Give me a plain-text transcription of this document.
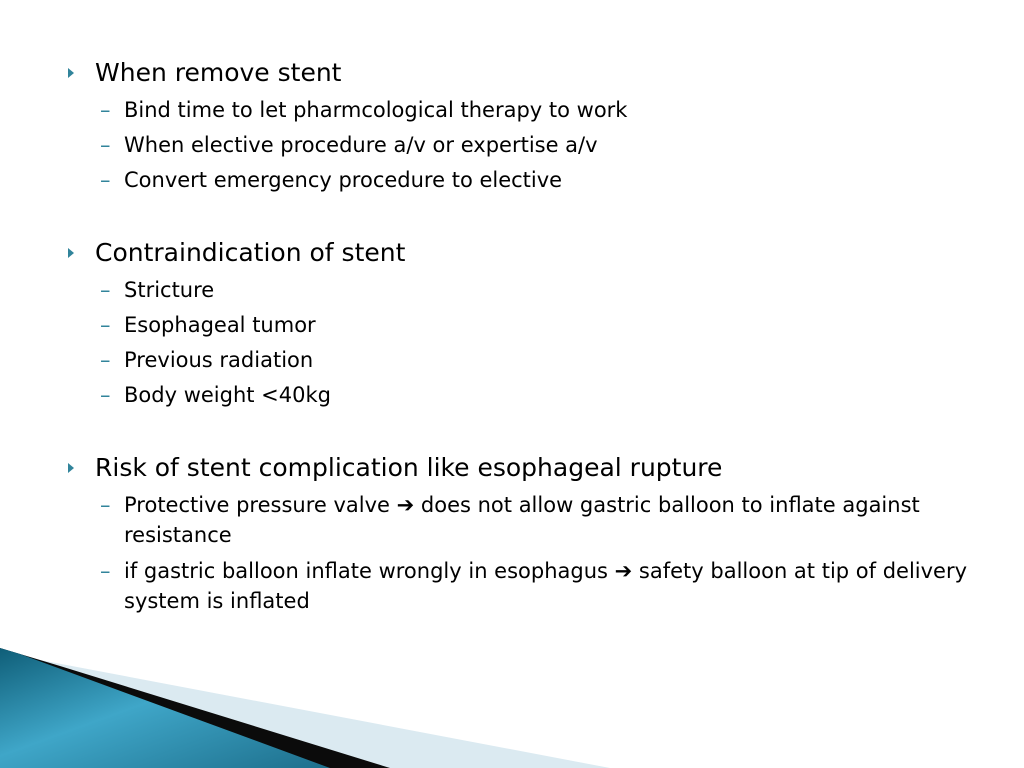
When remove stent
– Bind time to let pharmcological therapy to work
– When elective procedure a/v or expertise a/v
– Convert emergency procedure to elective
Contraindication of stent
– Stricture
– Esophageal tumor
– Previous radiation
– Body weight <40kg
Risk of stent complication like esophageal rupture
– Protective pressure valve ➔ does not allow gastric balloon to inflate against resistance
– if gastric balloon inflate wrongly in esophagus ➔ safety balloon at tip of delivery system is inflated
